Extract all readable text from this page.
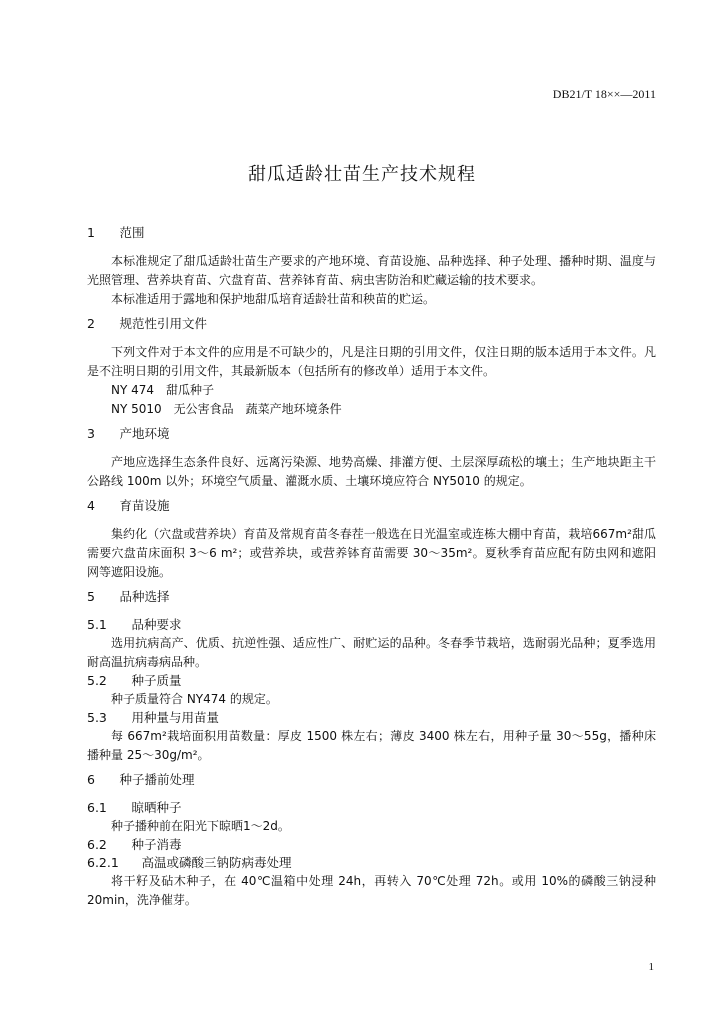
DB21/T 18××—2011
甜瓜适龄壮苗生产技术规程
1　 范围

本标准规定了甜瓜适龄壮苗生产要求的产地环境、育苗设施、品种选择、种子处理、播种时期、温度与光照管理、营养块育苗、穴盘育苗、营养钵育苗、病虫害防治和贮藏运输的技术要求。

本标准适用于露地和保护地甜瓜培育适龄壮苗和秧苗的贮运。

2　 规范性引用文件

下列文件对于本文件的应用是不可缺少的，凡是注日期的引用文件，仅注日期的版本适用于本文件。凡是不注明日期的引用文件，其最新版本（包括所有的修改单）适用于本文件。

NY 474　甜瓜种子

NY 5010　无公害食品　蔬菜产地环境条件

3　 产地环境

产地应选择生态条件良好、远离污染源、地势高燥、排灌方便、土层深厚疏松的壤土；生产地块距主干公路线 100m 以外；环境空气质量、灌溉水质、土壤环境应符合 NY5010 的规定。

4　 育苗设施

集约化（穴盘或营养块）育苗及常规育苗冬春茬一般选在日光温室或连栋大棚中育苗，栽培667m²甜瓜需要穴盘苗床面积 3～6 m²；或营养块，或营养钵育苗需要 30～35m²。夏秋季育苗应配有防虫网和遮阳网等遮阳设施。

5　 品种选择
5.1　 品种要求

选用抗病高产、优质、抗逆性强、适应性广、耐贮运的品种。冬春季节栽培，选耐弱光品种；夏季选用耐高温抗病毒病品种。

5.2　 种子质量

种子质量符合 NY474 的规定。

5.3　 用种量与用苗量

每 667m²栽培面积用苗数量：厚皮 1500 株左右；薄皮 3400 株左右，用种子量 30～55g，播种床播种量 25～30g/m²。

6　 种子播前处理
6.1　 晾晒种子

种子播种前在阳光下晾晒1～2d。

6.2　 种子消毒
6.2.1　 高温或磷酸三钠防病毒处理

将干籽及砧木种子，在 40℃温箱中处理 24h，再转入 70℃处理 72h。或用 10%的磷酸三钠浸种20min，洗净催芽。

1
